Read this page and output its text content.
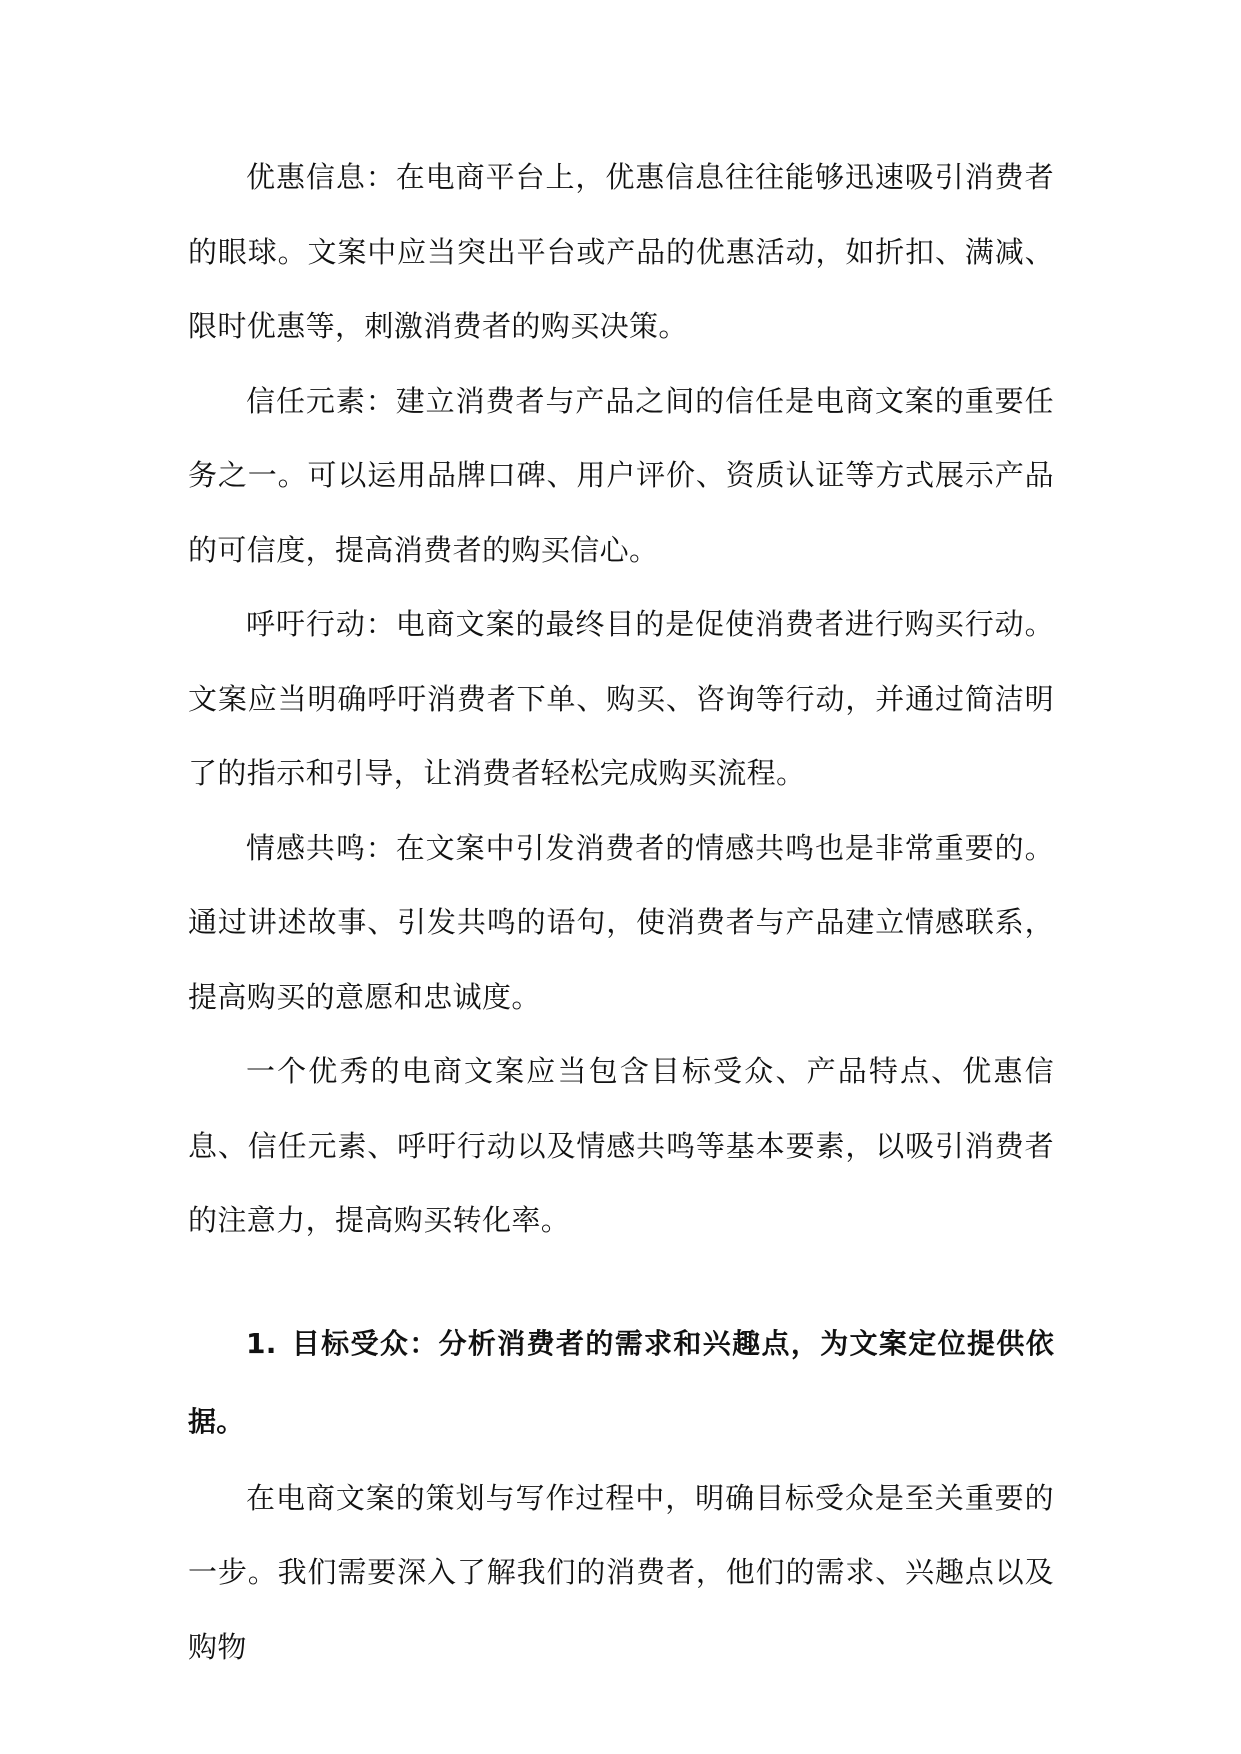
优惠信息：在电商平台上，优惠信息往往能够迅速吸引消费者的眼球。文案中应当突出平台或产品的优惠活动，如折扣、满减、限时优惠等，刺激消费者的购买决策。

信任元素：建立消费者与产品之间的信任是电商文案的重要任务之一。可以运用品牌口碑、用户评价、资质认证等方式展示产品的可信度，提高消费者的购买信心。

呼吁行动：电商文案的最终目的是促使消费者进行购买行动。文案应当明确呼吁消费者下单、购买、咨询等行动，并通过简洁明了的指示和引导，让消费者轻松完成购买流程。

情感共鸣：在文案中引发消费者的情感共鸣也是非常重要的。通过讲述故事、引发共鸣的语句，使消费者与产品建立情感联系，提高购买的意愿和忠诚度。

一个优秀的电商文案应当包含目标受众、产品特点、优惠信息、信任元素、呼吁行动以及情感共鸣等基本要素，以吸引消费者的注意力，提高购买转化率。

1. 目标受众：分析消费者的需求和兴趣点，为文案定位提供依据。

在电商文案的策划与写作过程中，明确目标受众是至关重要的一步。我们需要深入了解我们的消费者，他们的需求、兴趣点以及购物
